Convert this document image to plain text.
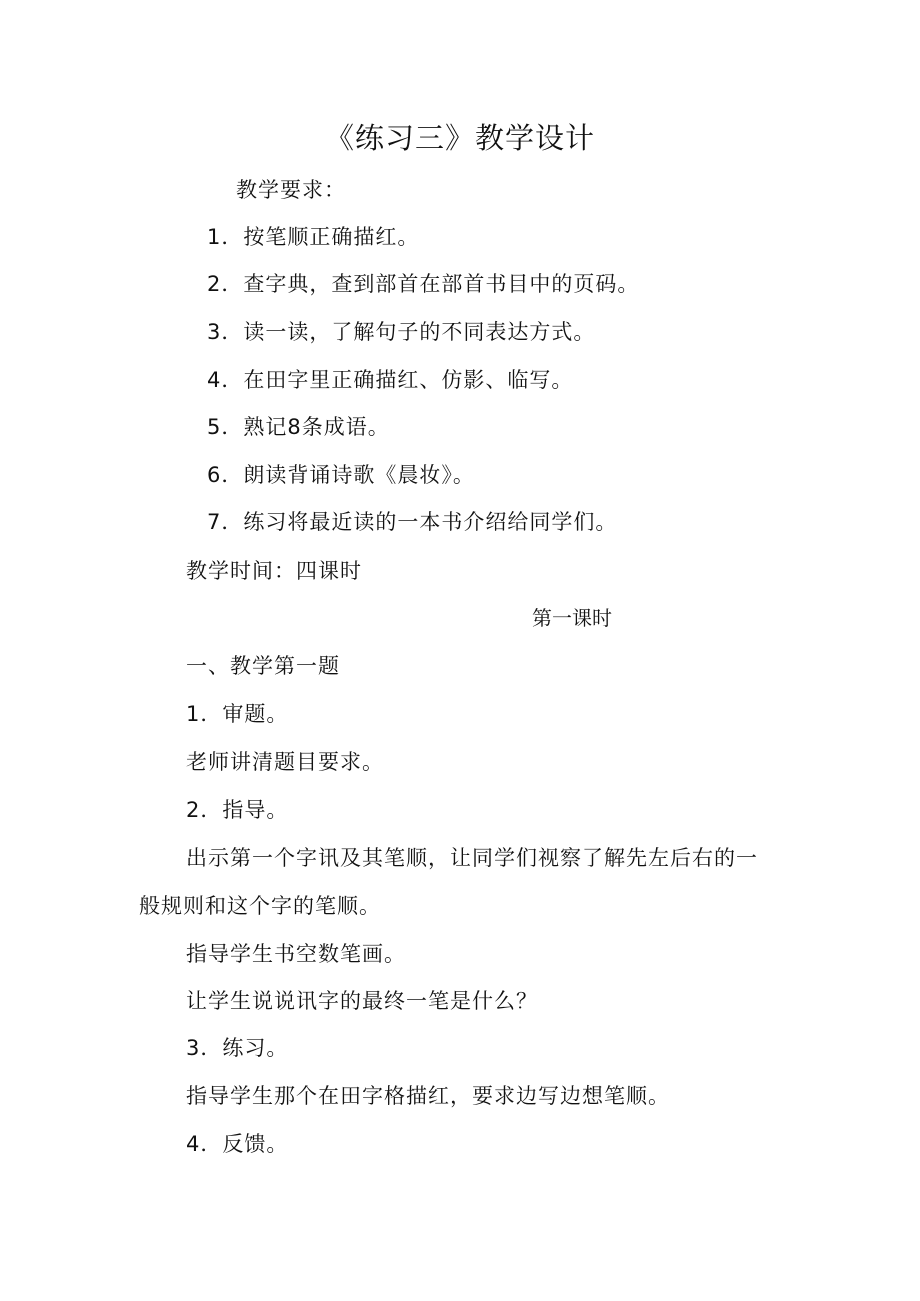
《练习三》教学设计
教学要求：
1．按笔顺正确描红。
2．查字典，查到部首在部首书目中的页码。
3．读一读，了解句子的不同表达方式。
4．在田字里正确描红、仿影、临写。
5．熟记8条成语。
6．朗读背诵诗歌《晨妆》。
7．练习将最近读的一本书介绍给同学们。
教学时间：四课时
第一课时
一、教学第一题
1．审题。
老师讲清题目要求。
2．指导。
出示第一个字讯及其笔顺，让同学们视察了解先左后右的一
般规则和这个字的笔顺。
指导学生书空数笔画。
让学生说说讯字的最终一笔是什么？
3．练习。
指导学生那个在田字格描红，要求边写边想笔顺。
4．反馈。
